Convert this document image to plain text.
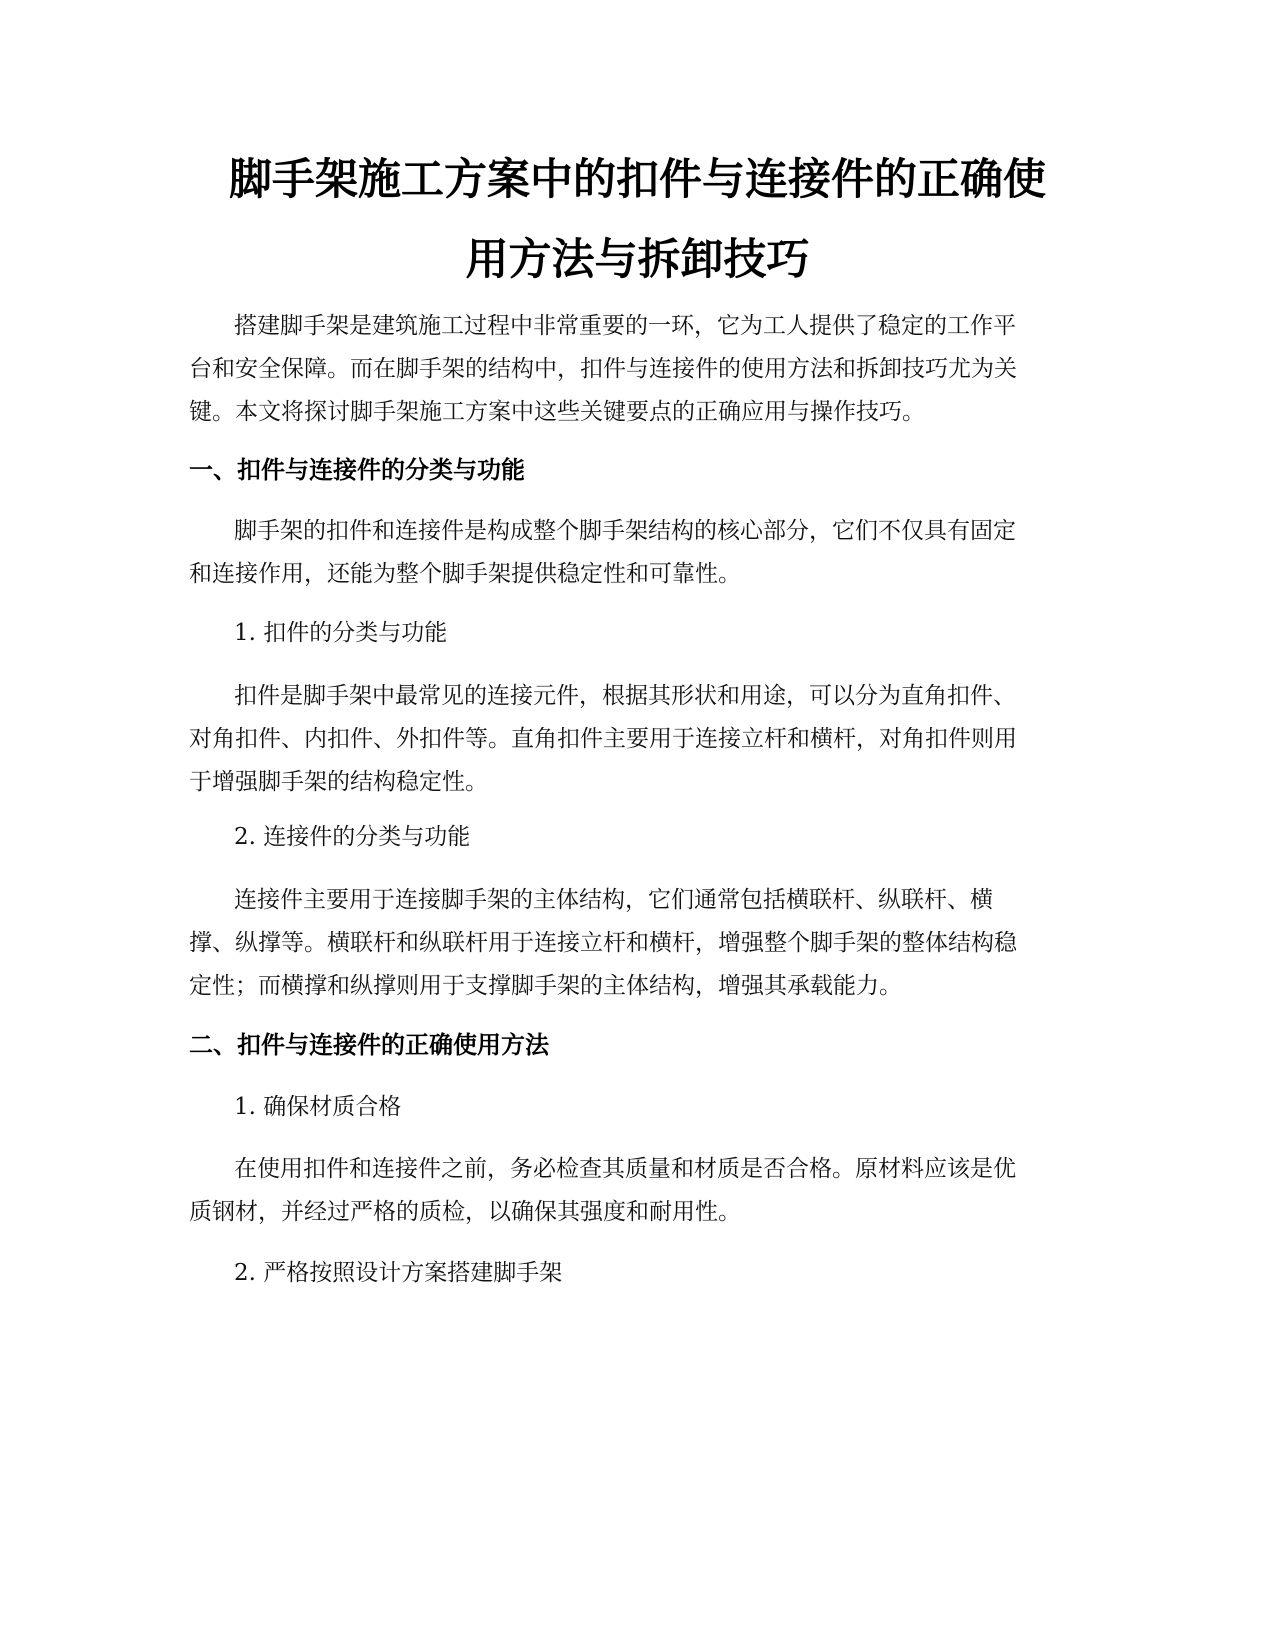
脚手架施工方案中的扣件与连接件的正确使
用方法与拆卸技巧

搭建脚手架是建筑施工过程中非常重要的一环，它为工人提供了稳定的工作平
台和安全保障。而在脚手架的结构中，扣件与连接件的使用方法和拆卸技巧尤为关
键。本文将探讨脚手架施工方案中这些关键要点的正确应用与操作技巧。

一、扣件与连接件的分类与功能

脚手架的扣件和连接件是构成整个脚手架结构的核心部分，它们不仅具有固定
和连接作用，还能为整个脚手架提供稳定性和可靠性。

1. 扣件的分类与功能

扣件是脚手架中最常见的连接元件，根据其形状和用途，可以分为直角扣件、
对角扣件、内扣件、外扣件等。直角扣件主要用于连接立杆和横杆，对角扣件则用
于增强脚手架的结构稳定性。

2. 连接件的分类与功能

连接件主要用于连接脚手架的主体结构，它们通常包括横联杆、纵联杆、横
撑、纵撑等。横联杆和纵联杆用于连接立杆和横杆，增强整个脚手架的整体结构稳
定性；而横撑和纵撑则用于支撑脚手架的主体结构，增强其承载能力。

二、扣件与连接件的正确使用方法

1. 确保材质合格

在使用扣件和连接件之前，务必检查其质量和材质是否合格。原材料应该是优
质钢材，并经过严格的质检，以确保其强度和耐用性。

2. 严格按照设计方案搭建脚手架
